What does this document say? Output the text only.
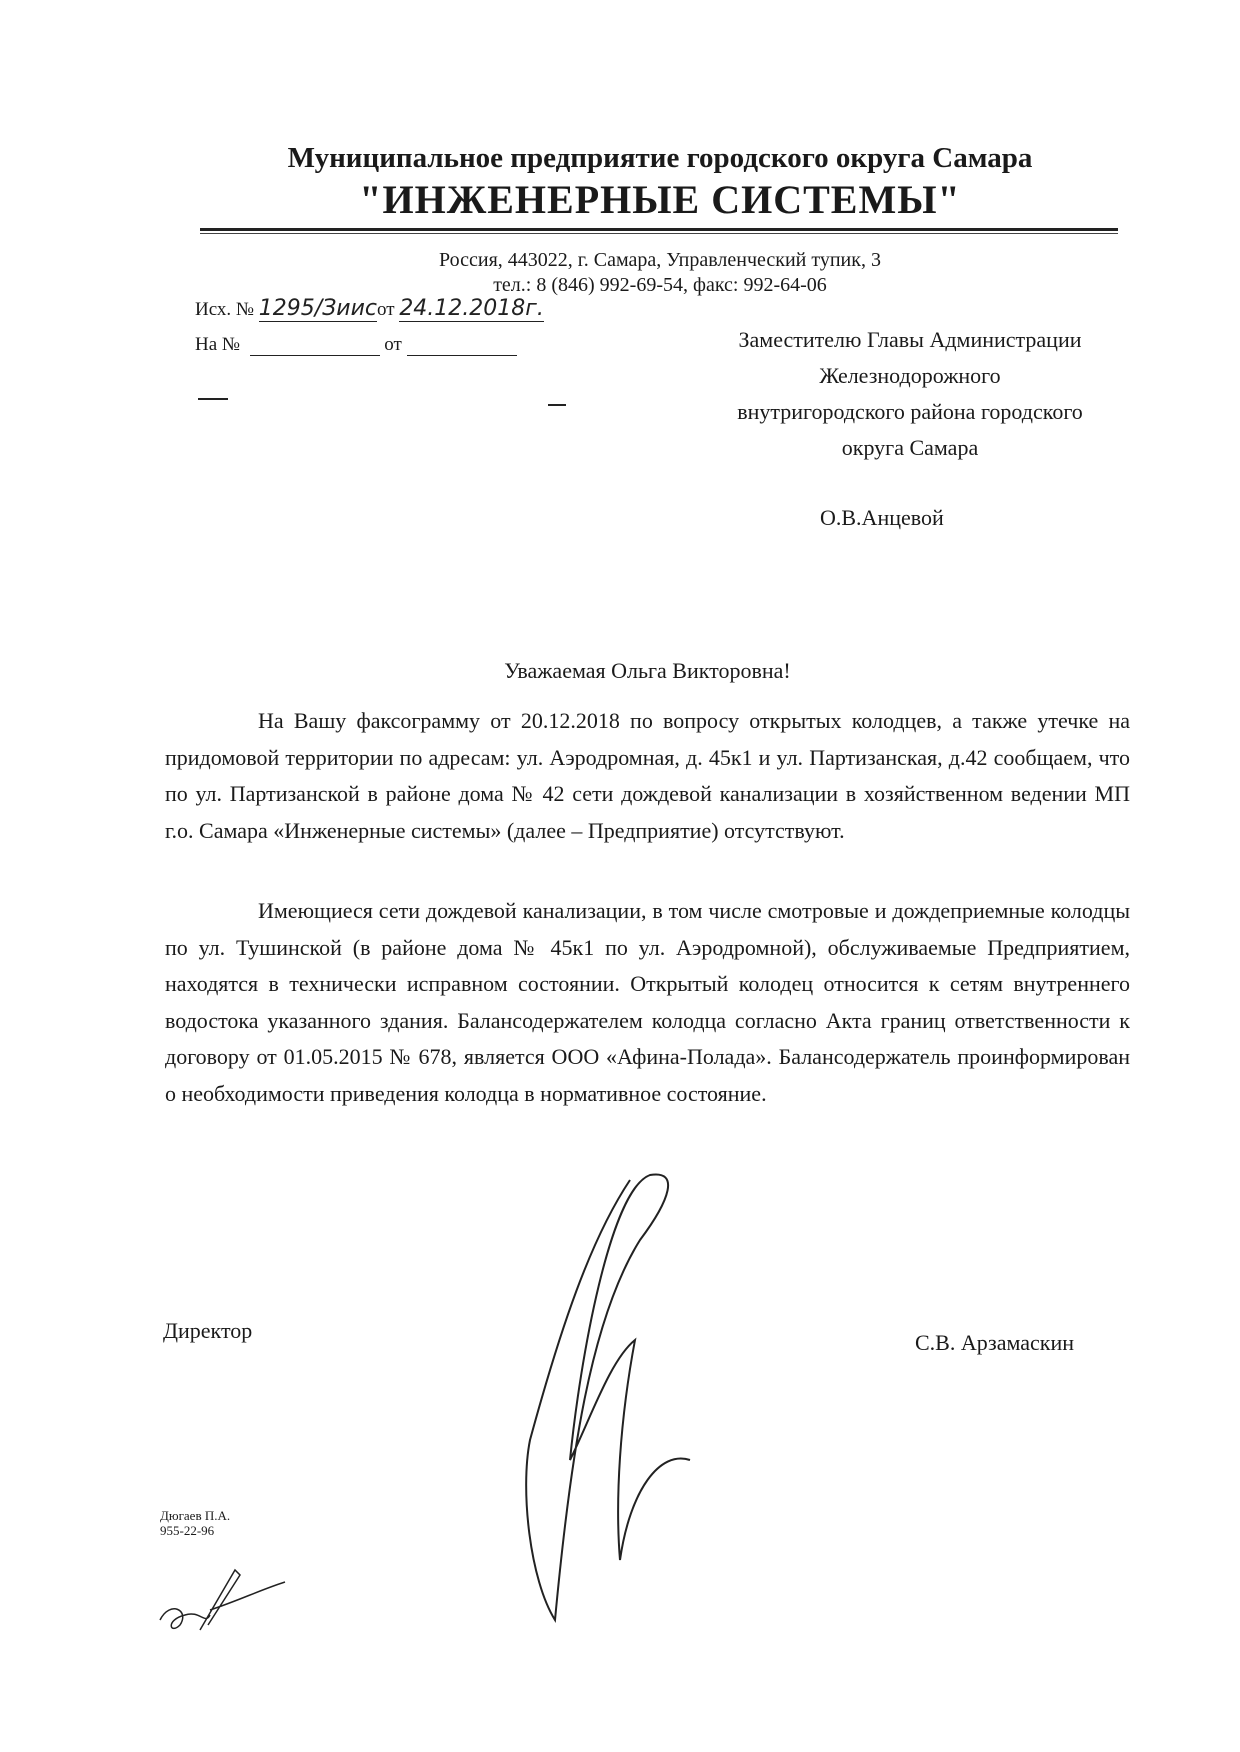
Муниципальное предприятие городского округа Самара
"ИНЖЕНЕРНЫЕ СИСТЕМЫ"
Россия, 443022, г. Самара, Управленческий тупик, 3
тел.: 8 (846) 992-69-54, факс: 992-64-06
Исх. № 1295/Зиисот 24.12.2018г.
На №	от	Заместителю Главы Администрации
Железнодорожного
внутригородского района городского
округа Самара
О.В.Анцевой
Уважаемая Ольга Викторовна!
На Вашу факсограмму от 20.12.2018 по вопросу открытых колодцев, а также утечке на придомовой территории по адресам: ул. Аэродромная, д. 45к1 и ул. Партизанская, д.42 сообщаем, что по ул. Партизанской в районе дома № 42 сети дождевой канализации в хозяйственном ведении МП г.о. Самара «Инженерные системы» (далее – Предприятие) отсутствуют.
Имеющиеся сети дождевой канализации, в том числе смотровые и дождеприемные колодцы по ул. Тушинской (в районе дома № 45к1 по ул. Аэродромной), обслуживаемые Предприятием, находятся в технически исправном состоянии. Открытый колодец относится к сетям внутреннего водостока указанного здания. Балансодержателем колодца согласно Акта границ ответственности к договору от 01.05.2015 № 678, является ООО «Афина-Полада». Балансодержатель проинформирован о необходимости приведения колодца в нормативное состояние.
Директор	С.В. Арзамаскин
Дюгаев П.А.
955-22-96
